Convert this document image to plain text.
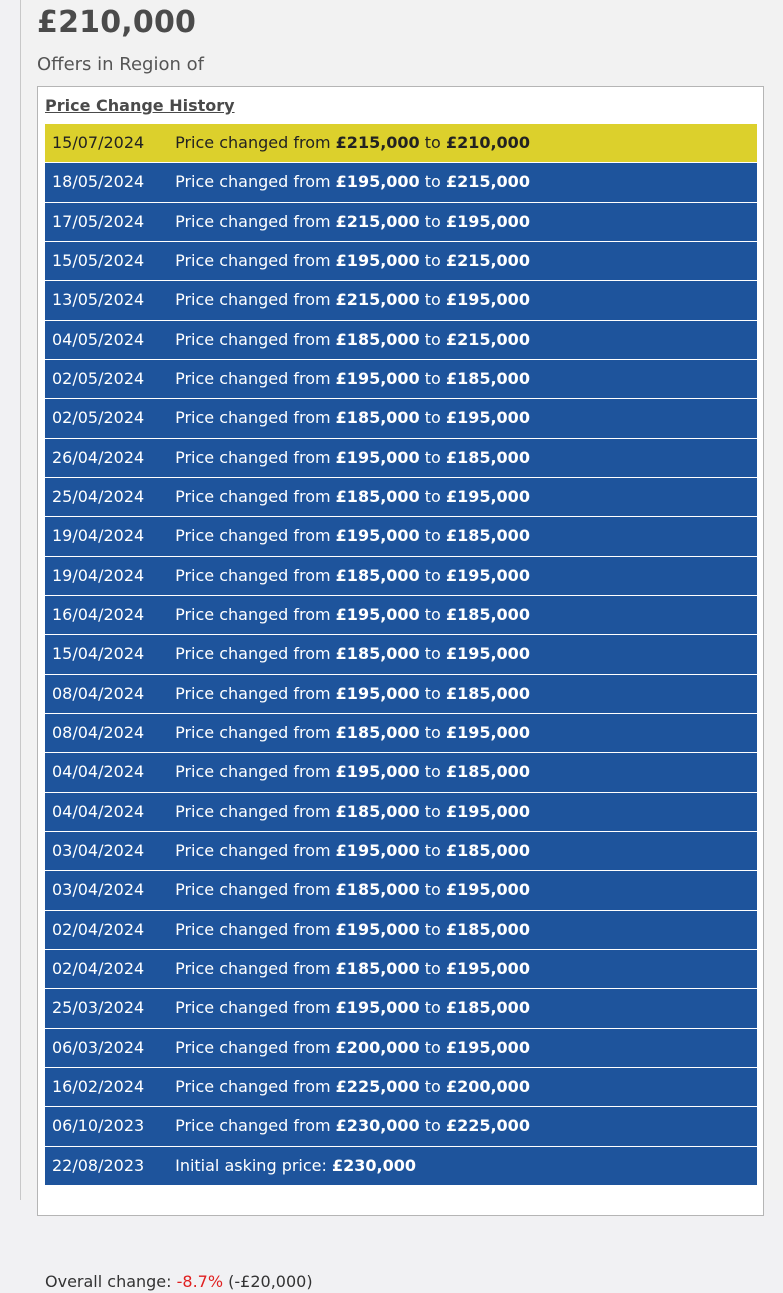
£210,000
Offers in Region of
Price Change History
15/07/2024 Price changed from £215,000 to £210,000
18/05/2024 Price changed from £195,000 to £215,000
17/05/2024 Price changed from £215,000 to £195,000
15/05/2024 Price changed from £195,000 to £215,000
13/05/2024 Price changed from £215,000 to £195,000
04/05/2024 Price changed from £185,000 to £215,000
02/05/2024 Price changed from £195,000 to £185,000
02/05/2024 Price changed from £185,000 to £195,000
26/04/2024 Price changed from £195,000 to £185,000
25/04/2024 Price changed from £185,000 to £195,000
19/04/2024 Price changed from £195,000 to £185,000
19/04/2024 Price changed from £185,000 to £195,000
16/04/2024 Price changed from £195,000 to £185,000
15/04/2024 Price changed from £185,000 to £195,000
08/04/2024 Price changed from £195,000 to £185,000
08/04/2024 Price changed from £185,000 to £195,000
04/04/2024 Price changed from £195,000 to £185,000
04/04/2024 Price changed from £185,000 to £195,000
03/04/2024 Price changed from £195,000 to £185,000
03/04/2024 Price changed from £185,000 to £195,000
02/04/2024 Price changed from £195,000 to £185,000
02/04/2024 Price changed from £185,000 to £195,000
25/03/2024 Price changed from £195,000 to £185,000
06/03/2024 Price changed from £200,000 to £195,000
16/02/2024 Price changed from £225,000 to £200,000
06/10/2023 Price changed from £230,000 to £225,000
22/08/2023 Initial asking price: £230,000
Overall change: -8.7% (-£20,000)
